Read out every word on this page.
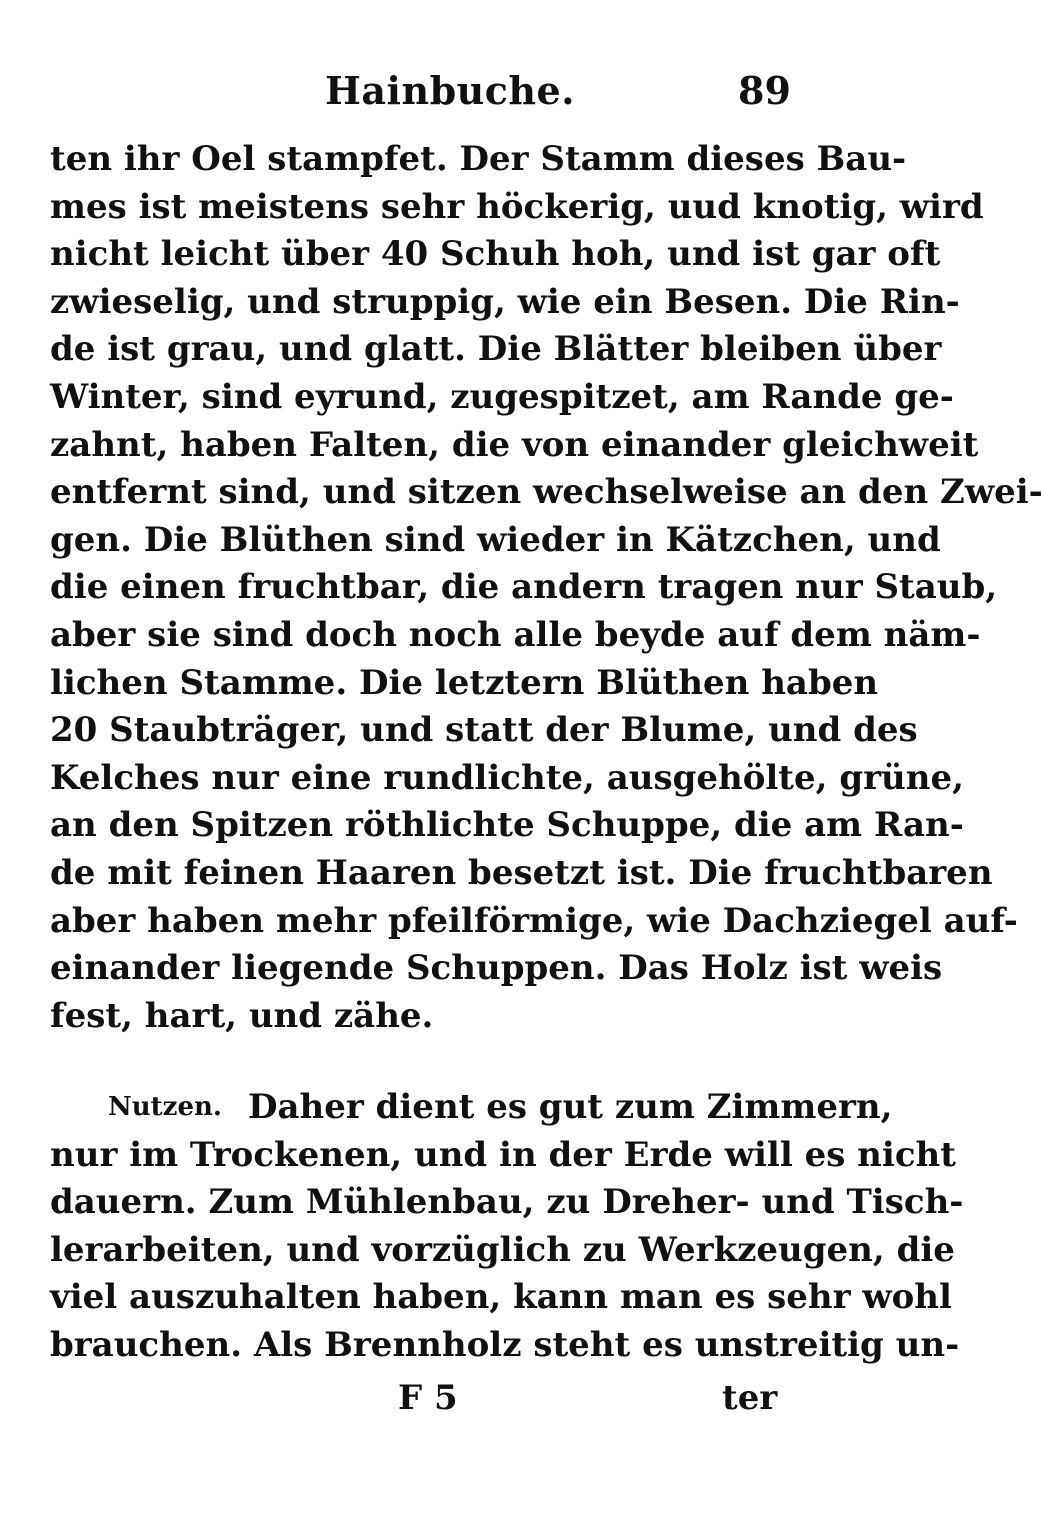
Hainbuche.	89
ten ihr Oel stampfet. Der Stamm dieses Bau-
mes ist meistens sehr höckerig, uud knotig, wird
nicht leicht über 40 Schuh hoh, und ist gar oft
zwieselig, und struppig, wie ein Besen. Die Rin-
de ist grau, und glatt. Die Blätter bleiben über
Winter, sind eyrund, zugespitzet, am Rande ge-
zahnt, haben Falten, die von einander gleichweit
entfernt sind, und sitzen wechselweise an den Zwei-
gen. Die Blüthen sind wieder in Kätzchen, und
die einen fruchtbar, die andern tragen nur Staub,
aber sie sind doch noch alle beyde auf dem näm-
lichen Stamme. Die letztern Blüthen haben
20 Staubträger, und statt der Blume, und des
Kelches nur eine rundlichte, ausgehölte, grüne,
an den Spitzen röthlichte Schuppe, die am Ran-
de mit feinen Haaren besetzt ist. Die fruchtbaren
aber haben mehr pfeilförmige, wie Dachziegel auf-
einander liegende Schuppen. Das Holz ist weis
fest, hart, und zähe.
Nutzen. Daher dient es gut zum Zimmern,
nur im Trockenen, und in der Erde will es nicht
dauern. Zum Mühlenbau, zu Dreher- und Tisch-
lerarbeiten, und vorzüglich zu Werkzeugen, die
viel auszuhalten haben, kann man es sehr wohl
brauchen. Als Brennholz steht es unstreitig un-
F 5	ter
